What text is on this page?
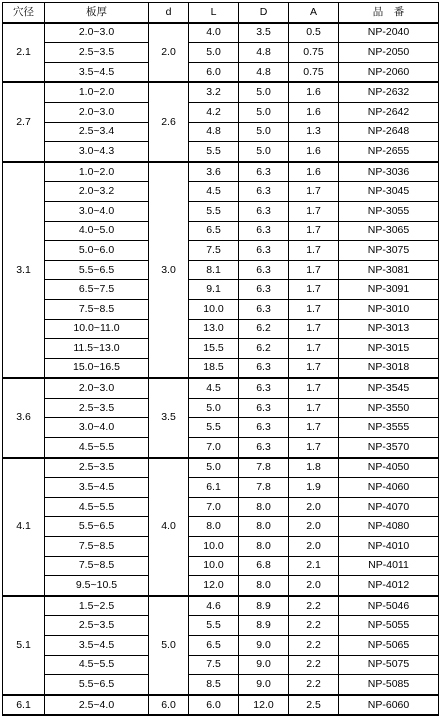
穴径	板厚	d	L	D	A	品　番
2.1	2.0~3.0	2.0	4.0	3.5	0.5	NP-2040
	2.5~3.5		5.0	4.8	0.75	NP-2050
	3.5~4.5		6.0	4.8	0.75	NP-2060
2.7	1.0~2.0	2.6	3.2	5.0	1.6	NP-2632
	2.0~3.0		4.2	5.0	1.6	NP-2642
	2.5~3.4		4.8	5.0	1.3	NP-2648
	3.0~4.3		5.5	5.0	1.6	NP-2655
3.1	1.0~2.0	3.0	3.6	6.3	1.6	NP-3036
	2.0~3.2		4.5	6.3	1.7	NP-3045
	3.0~4.0		5.5	6.3	1.7	NP-3055
	4.0~5.0		6.5	6.3	1.7	NP-3065
	5.0~6.0		7.5	6.3	1.7	NP-3075
	5.5~6.5		8.1	6.3	1.7	NP-3081
	6.5~7.5		9.1	6.3	1.7	NP-3091
	7.5~8.5		10.0	6.3	1.7	NP-3010
	10.0~11.0		13.0	6.2	1.7	NP-3013
	11.5~13.0		15.5	6.2	1.7	NP-3015
	15.0~16.5		18.5	6.3	1.7	NP-3018
3.6	2.0~3.0	3.5	4.5	6.3	1.7	NP-3545
	2.5~3.5		5.0	6.3	1.7	NP-3550
	3.0~4.0		5.5	6.3	1.7	NP-3555
	4.5~5.5		7.0	6.3	1.7	NP-3570
4.1	2.5~3.5	4.0	5.0	7.8	1.8	NP-4050
	3.5~4.5		6.1	7.8	1.9	NP-4060
	4.5~5.5		7.0	8.0	2.0	NP-4070
	5.5~6.5		8.0	8.0	2.0	NP-4080
	7.5~8.5		10.0	8.0	2.0	NP-4010
	7.5~8.5		10.0	6.8	2.1	NP-4011
	9.5~10.5		12.0	8.0	2.0	NP-4012
5.1	1.5~2.5	5.0	4.6	8.9	2.2	NP-5046
	2.5~3.5		5.5	8.9	2.2	NP-5055
	3.5~4.5		6.5	9.0	2.2	NP-5065
	4.5~5.5		7.5	9.0	2.2	NP-5075
	5.5~6.5		8.5	9.0	2.2	NP-5085
6.1	2.5~4.0	6.0	6.0	12.0	2.5	NP-6060
